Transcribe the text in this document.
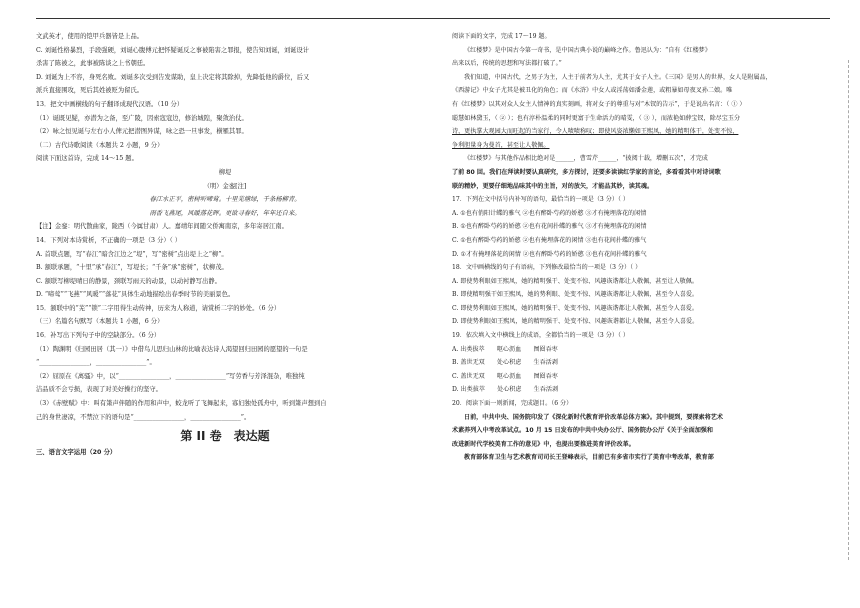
文武英才，使用的铠甲兵器皆是上品。

C. 刘诞性格暴烈，手段强硬，刘诞心腹傅元把怀疑诞反之事被陷害之罪报，使告知刘诞，刘诞设计

杀害了陈被之，此事被陈谈之上书朝廷。

D. 刘诞为上不容，身死名败。刘诞多次受到告发谋助，皇上决定将其除掉，先降低他的爵位，后又

派兵直接围攻，死后其姓被贬为留氏。

13．把文中画横线的句子翻译成现代汉语。（10 分）

（1）诞既见疑，亦潜为之备，至广陵，因索寇寇边，修治城隍，聚敛治仗。

（2）咏之恒见诞与左右小人俾元把潜图异谋，咏之恐一旦事发，横罹其罪。

（二）古代诗歌阅读（本题共 2 小题，9 分）

阅读下面这首诗，完成 14～15 题。

柳堤

（明）金銮[注]

春江水正平，密树听啼莺。十里芜塘绿，千条杨柳青。

雨香飞燕尾，风暖落花晖。更欲寻春好，年年还自来。

【注】金銮：明代散曲家，陇西（今属甘肃）人。嘉靖年间随父侨寓南京，多年寄居江南。

14．下列对本诗赏析，不正确的一项是（3 分）（ ）

A. 首联点题，写“春江”暗含江边之“堤”，写“密树”点出堤上之“柳”。

B. 颔联承题，“十里”承“春江”，写堤长；“千条”承“密树”，状柳茂。

C. 颔联写柳堤晴日的静景，颈联写雨天的动景，以动衬静写出静。

D. “啼莺”“飞燕”“风暖”“落花”具体生动地描绘出春季时节的美丽景色。

15．颔联中的“芜”“锁”二字用得生动传神，历来为人称道，请赏析二字的妙处。（6 分）

（三）名篇名句默写（本题共 1 小题，6 分）

16．补写出下列句子中的空缺部分。（6 分）

（1）陶渊明《归园田居（其一）》中借鸟儿思归山林的比喻表达诗人渴望回归田园的愿望的一句是

“________________，________________”。

（2）屈原在《离骚》中，以“________________，________________”写劳香与芳泽混杂，唯独纯

洁品质不会亏损，表现了对美好操行的坚守。

（3）《赤壁赋》中：叫有箫声伴随的作用和声中，蛟龙听了飞舞起来，寡妇独处孤舟中，听到箫声想到自

己的身世凄凉，不禁泣下的语句是“________________，________________”。

第 II 卷　表达题

三、语言文字运用（20 分）

阅读下面的文字，完成 17～19 题。

《红楼梦》是中国古今第一奇书，是中国古典小说的巅峰之作。鲁迅认为：“自有《红楼梦》

出来以后，传统的思想和写法都打破了。”

我们知道，中国古代，之男子为主，人主于前者为人主，尤其于女子人主。《三国》是男人的世界，女人是附属品，

《西游记》中女子尤其是被丑化的角色；而《水浒》中女人或淫荡如潘金莲，或粗暴如母夜叉孙二娘。唯

有《红楼梦》以其对众人女主人情神的真实刻画，将对女子的尊重与对“木钗的告示”，于是说出名言：（ ① ）

聪慧如林黛玉，（ ② ）；也有淳朴温柔的同时更富于生命活力的晴雯，（ ③ ），而浓艳如薛宝钗，除尽宝玉分

诗，更执掌大观园大而旺起的当家行，令人啧啧称叹；即使风姿浓懒如王熙凤，她的精明体干，处变不惊，

争利胆量身为曼首，甚至让人敬佩。

《红楼梦》与其他作品相比绝对是______，曹雪芹______，“披阅十载，增删五次”，才完成

了前 80 回。我们在拜读时要认真研究，多方探讨，还要多读读红学家的言论，多看看其中对诗词歌

联的精妙，更要仔细地品味其中的主旨，对的放矢，才能品其妙，读其魂。

17．下列在文中括号内补写的语句，最恰当的一项是（3 分）（ ）

A. ①也有俏阳计蝶的雅气 ②也有醉卧芍药的娇憨 ③才有掩埋落花的闲情

B. ①也有醉卧芍药的娇憨 ②也有花间扑蝶的雅气 ③才有掩埋落花的闲情

C. ①也有醉卧芍药的娇憨 ②也有掩埋落花的闲情 ③也有花间扑蝶的雅气

D. ①才有掩埋落花的闲情 ②也有醉卧芍药的娇憨 ③也有花间扑蝶的雅气

18．文中画横线的句子有语病，下列修改最恰当的一项是（3 分）（ ）

A. 即使势利眼如王熙凤，她的精明强干、处变不惊、风趣诙谐都让人敬佩，甚至让人敬佩。

B. 即使精明强干如王熙凤，她的势利眼、处变不惊、风趣诙谐都让人敬佩，甚至令人喜爱。

C. 即使势利眼如王熙凤，她的精明强干、处变不惊、风趣诙谐都让人敬佩，甚至令人喜爱。

D. 即使势利眼如王熙凤，她的精明强干、处变不惊、风趣诙谐都让人敬佩，甚至令人喜爱。

19．依次填入文中横线上的成语，全都恰当的一项是（3 分）（ ）

A. 出类拔萃　　呕心沥血　　囫囵吞枣

B. 盖世无双　　处心积虑　　生吞活剥

C. 盖世无双　　呕心沥血　　囫囵吞枣

D. 出类拔萃　　处心积虑　　生吞活剥

20．阅读下面一则新闻，完成题目。（6 分）

日前，中共中央、国务院印发了《深化新时代教育评价改革总体方案》。其中提到，要探索将艺术

术素养列入中考改革试点。10 月 15 日发布的中共中央办公厅、国务院办公厅《关于全面加强和

改进新时代学校美育工作的意见》中，也提出要推进美育评价改革。

教育部体育卫生与艺术教育司司长王登峰表示，目前已有多省市实行了美育中考改革，教育部
